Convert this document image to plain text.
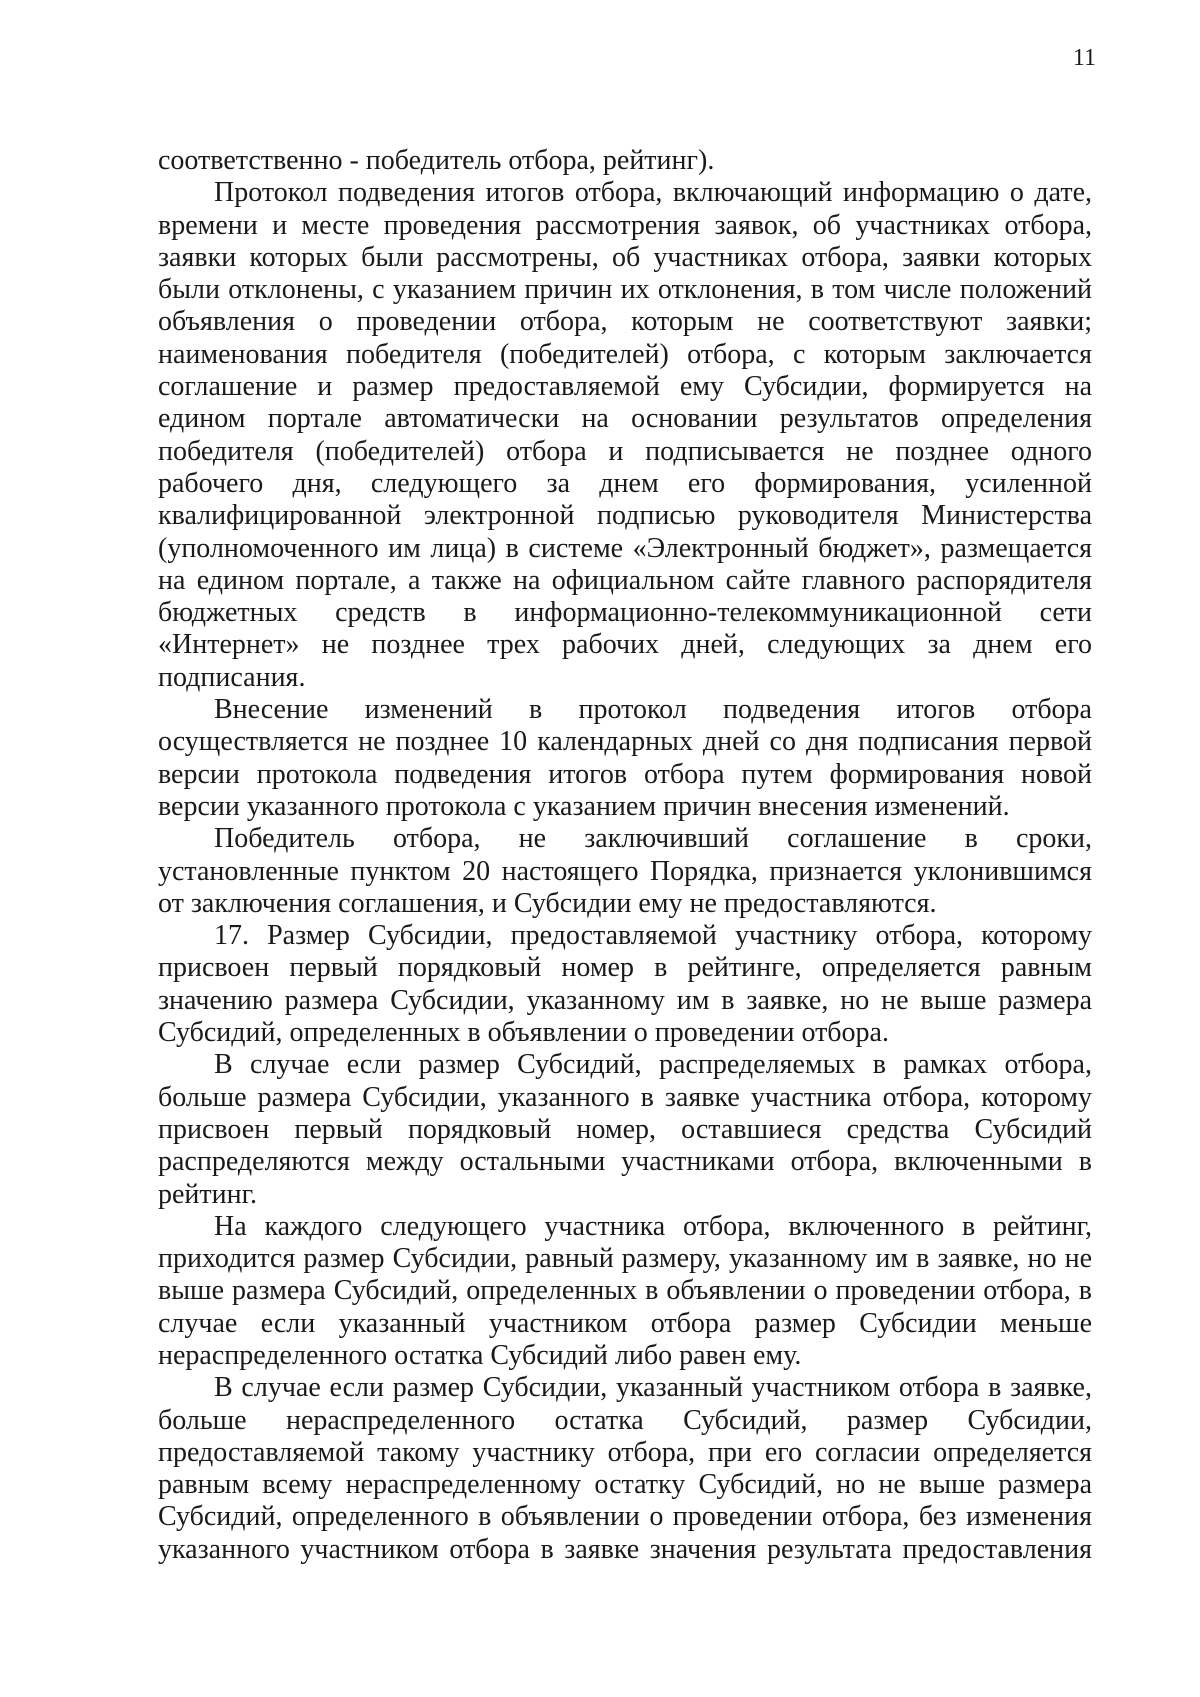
11

соответственно - победитель отбора, рейтинг).

Протокол подведения итогов отбора, включающий информацию о дате, времени и месте проведения рассмотрения заявок, об участниках отбора, заявки которых были рассмотрены, об участниках отбора, заявки которых были отклонены, с указанием причин их отклонения, в том числе положений объявления о проведении отбора, которым не соответствуют заявки; наименования победителя (победителей) отбора, с которым заключается соглашение и размер предоставляемой ему Субсидии, формируется на едином портале автоматически на основании результатов определения победителя (победителей) отбора и подписывается не позднее одного рабочего дня, следующего за днем его формирования, усиленной квалифицированной электронной подписью руководителя Министерства (уполномоченного им лица) в системе «Электронный бюджет», размещается на едином портале, а также на официальном сайте главного распорядителя бюджетных средств в информационно-телекоммуникационной сети «Интернет» не позднее трех рабочих дней, следующих за днем его подписания.

Внесение изменений в протокол подведения итогов отбора осуществляется не позднее 10 календарных дней со дня подписания первой версии протокола подведения итогов отбора путем формирования новой версии указанного протокола с указанием причин внесения изменений.

Победитель отбора, не заключивший соглашение в сроки, установленные пунктом 20 настоящего Порядка, признается уклонившимся от заключения соглашения, и Субсидии ему не предоставляются.

17. Размер Субсидии, предоставляемой участнику отбора, которому присвоен первый порядковый номер в рейтинге, определяется равным значению размера Субсидии, указанному им в заявке, но не выше размера Субсидий, определенных в объявлении о проведении отбора.

В случае если размер Субсидий, распределяемых в рамках отбора, больше размера Субсидии, указанного в заявке участника отбора, которому присвоен первый порядковый номер, оставшиеся средства Субсидий распределяются между остальными участниками отбора, включенными в рейтинг.

На каждого следующего участника отбора, включенного в рейтинг, приходится размер Субсидии, равный размеру, указанному им в заявке, но не выше размера Субсидий, определенных в объявлении о проведении отбора, в случае если указанный участником отбора размер Субсидии меньше нераспределенного остатка Субсидий либо равен ему.

В случае если размер Субсидии, указанный участником отбора в заявке, больше нераспределенного остатка Субсидий, размер Субсидии, предоставляемой такому участнику отбора, при его согласии определяется равным всему нераспределенному остатку Субсидий, но не выше размера Субсидий, определенного в объявлении о проведении отбора, без изменения указанного участником отбора в заявке значения результата предоставления
